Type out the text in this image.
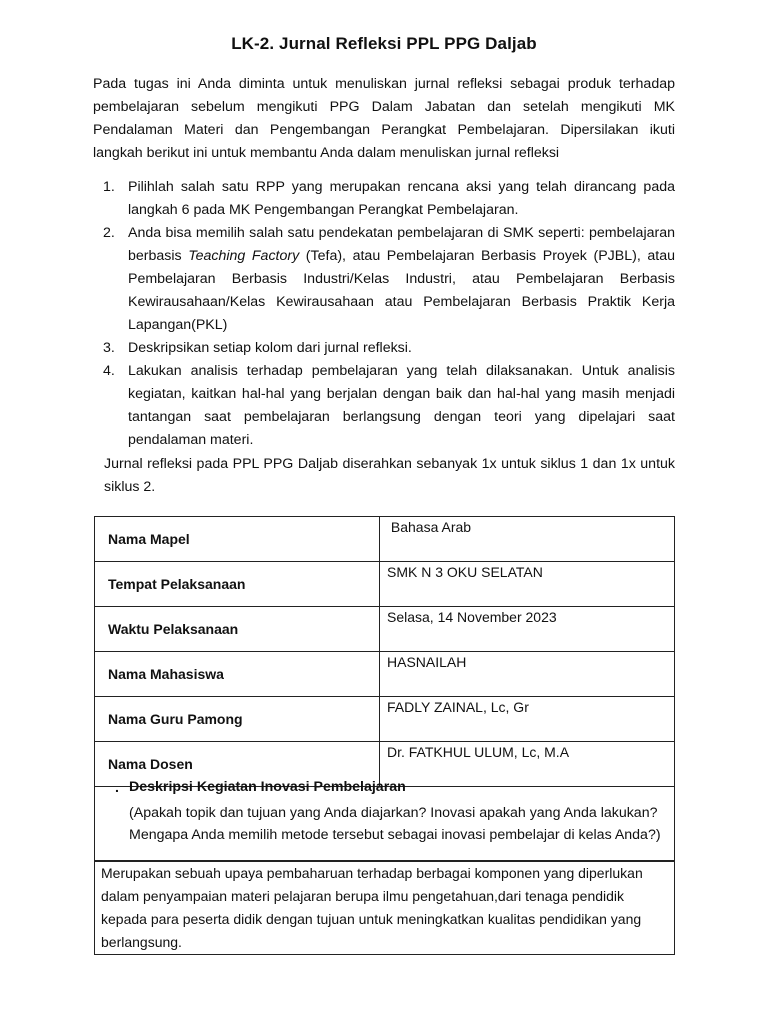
LK-2. Jurnal Refleksi PPL PPG Daljab

Pada tugas ini Anda diminta untuk menuliskan jurnal refleksi sebagai produk terhadap pembelajaran sebelum mengikuti PPG Dalam Jabatan dan setelah mengikuti MK Pendalaman Materi dan Pengembangan Perangkat Pembelajaran. Dipersilakan ikuti langkah berikut ini untuk membantu Anda dalam menuliskan jurnal refleksi

1. Pilihlah salah satu RPP yang merupakan rencana aksi yang telah dirancang pada langkah 6 pada MK Pengembangan Perangkat Pembelajaran.
2. Anda bisa memilih salah satu pendekatan pembelajaran di SMK seperti: pembelajaran berbasis Teaching Factory (Tefa), atau Pembelajaran Berbasis Proyek (PJBL), atau Pembelajaran Berbasis Industri/Kelas Industri, atau Pembelajaran Berbasis Kewirausahaan/Kelas Kewirausahaan atau Pembelajaran Berbasis Praktik Kerja Lapangan(PKL)
3. Deskripsikan setiap kolom dari jurnal refleksi.
4. Lakukan analisis terhadap pembelajaran yang telah dilaksanakan. Untuk analisis kegiatan, kaitkan hal-hal yang berjalan dengan baik dan hal-hal yang masih menjadi tantangan saat pembelajaran berlangsung dengan teori yang dipelajari saat pendalaman materi.

Jurnal refleksi pada PPL PPG Daljab diserahkan sebanyak 1x untuk siklus 1 dan 1x untuk siklus 2.

Nama Mapel	Bahasa Arab
Tempat Pelaksanaan	SMK N 3 OKU SELATAN
Waktu Pelaksanaan	Selasa, 14 November 2023
Nama Mahasiswa	HASNAILAH
Nama Guru Pamong	FADLY ZAINAL, Lc, Gr
Nama Dosen	Dr. FATKHUL ULUM, Lc, M.A
. Deskripsi Kegiatan Inovasi Pembelajaran
(Apakah topik dan tujuan yang Anda diajarkan? Inovasi apakah yang Anda lakukan? Mengapa Anda memilih metode tersebut sebagai inovasi pembelajar di kelas Anda?)
Merupakan sebuah upaya pembaharuan terhadap berbagai komponen yang diperlukan dalam penyampaian materi pelajaran berupa ilmu pengetahuan,dari tenaga pendidik kepada para peserta didik dengan tujuan untuk meningkatkan kualitas pendidikan yang berlangsung.
